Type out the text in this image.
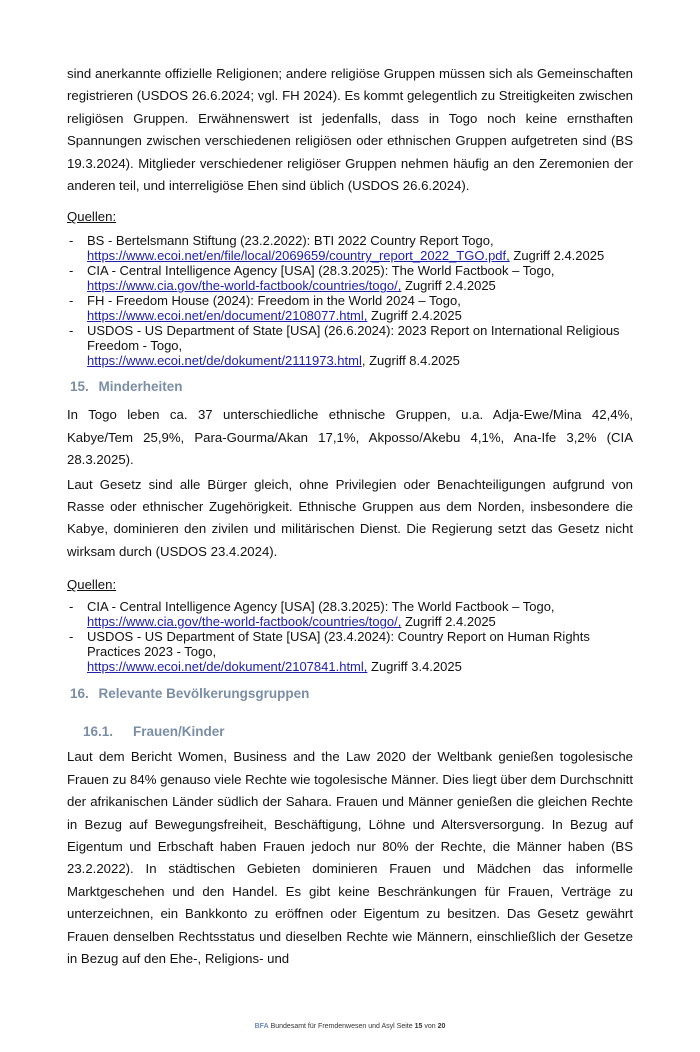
sind anerkannte offizielle Religionen; andere religiöse Gruppen müssen sich als Gemeinschaften registrieren (USDOS 26.6.2024; vgl. FH 2024). Es kommt gelegentlich zu Streitigkeiten zwischen religiösen Gruppen. Erwähnenswert ist jedenfalls, dass in Togo noch keine ernsthaften Spannungen zwischen verschiedenen religiösen oder ethnischen Gruppen aufgetreten sind (BS 19.3.2024). Mitglieder verschiedener religiöser Gruppen nehmen häufig an den Zeremonien der anderen teil, und interreligiöse Ehen sind üblich (USDOS 26.6.2024).

Quellen:
- BS - Bertelsmann Stiftung (23.2.2022): BTI 2022 Country Report Togo,
https://www.ecoi.net/en/file/local/2069659/country_report_2022_TGO.pdf, Zugriff 2.4.2025
- CIA - Central Intelligence Agency [USA] (28.3.2025): The World Factbook – Togo,
https://www.cia.gov/the-world-factbook/countries/togo/, Zugriff 2.4.2025
- FH - Freedom House (2024): Freedom in the World 2024 – Togo,
https://www.ecoi.net/en/document/2108077.html, Zugriff 2.4.2025
- USDOS - US Department of State [USA] (26.6.2024): 2023 Report on International Religious Freedom - Togo,
https://www.ecoi.net/de/dokument/2111973.html, Zugriff 8.4.2025
15. Minderheiten

In Togo leben ca. 37 unterschiedliche ethnische Gruppen, u.a. Adja-Ewe/Mina 42,4%, Kabye/Tem 25,9%, Para-Gourma/Akan 17,1%, Akposso/Akebu 4,1%, Ana-Ife 3,2% (CIA 28.3.2025).

Laut Gesetz sind alle Bürger gleich, ohne Privilegien oder Benachteiligungen aufgrund von Rasse oder ethnischer Zugehörigkeit. Ethnische Gruppen aus dem Norden, insbesondere die Kabye, dominieren den zivilen und militärischen Dienst. Die Regierung setzt das Gesetz nicht wirksam durch (USDOS 23.4.2024).

Quellen:
- CIA - Central Intelligence Agency [USA] (28.3.2025): The World Factbook – Togo,
https://www.cia.gov/the-world-factbook/countries/togo/, Zugriff 2.4.2025
- USDOS - US Department of State [USA] (23.4.2024): Country Report on Human Rights Practices 2023 - Togo,
https://www.ecoi.net/de/dokument/2107841.html, Zugriff 3.4.2025
16. Relevante Bevölkerungsgruppen
16.1. Frauen/Kinder

Laut dem Bericht Women, Business and the Law 2020 der Weltbank genießen togolesische Frauen zu 84% genauso viele Rechte wie togolesische Männer. Dies liegt über dem Durchschnitt der afrikanischen Länder südlich der Sahara. Frauen und Männer genießen die gleichen Rechte in Bezug auf Bewegungsfreiheit, Beschäftigung, Löhne und Altersversorgung. In Bezug auf Eigentum und Erbschaft haben Frauen jedoch nur 80% der Rechte, die Männer haben (BS 23.2.2022). In städtischen Gebieten dominieren Frauen und Mädchen das informelle Marktgeschehen und den Handel. Es gibt keine Beschränkungen für Frauen, Verträge zu unterzeichnen, ein Bankkonto zu eröffnen oder Eigentum zu besitzen. Das Gesetz gewährt Frauen denselben Rechtsstatus und dieselben Rechte wie Männern, einschließlich der Gesetze in Bezug auf den Ehe-, Religions- und

BFA Bundesamt für Fremdenwesen und Asyl Seite 15 von 20
